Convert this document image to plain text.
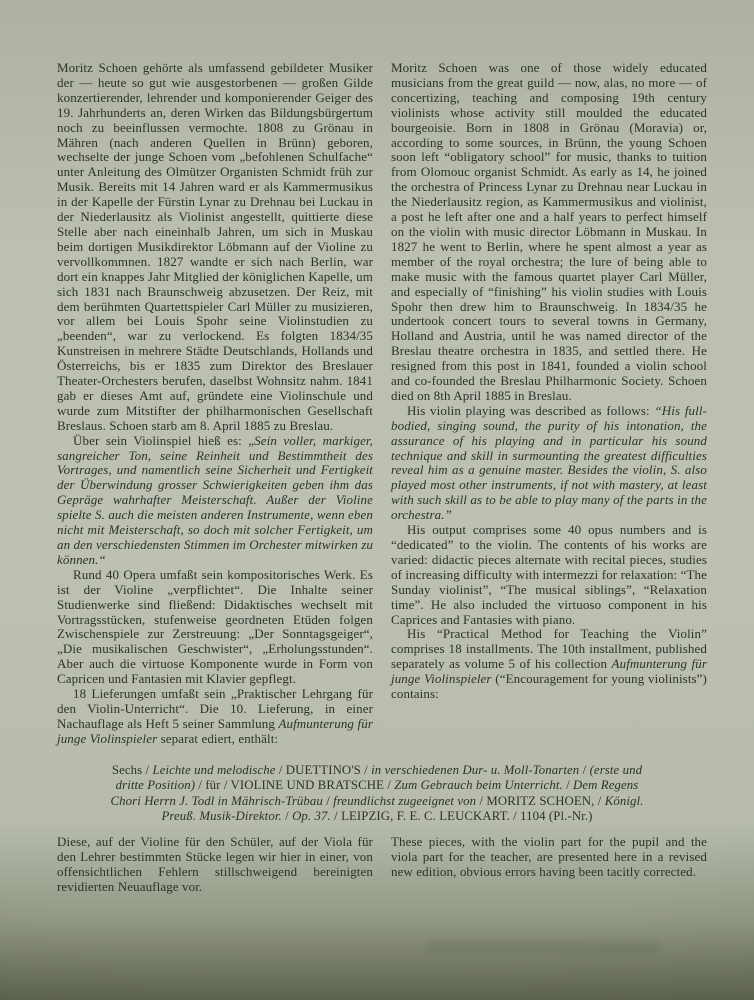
Moritz Schoen gehörte als umfassend gebildeter Musiker der — heute so gut wie ausgestorbenen — großen Gilde konzertierender, lehrender und komponierender Geiger des 19. Jahrhunderts an, deren Wirken das Bildungsbürgertum noch zu beeinflussen vermochte. 1808 zu Grönau in Mähren (nach anderen Quellen in Brünn) geboren, wechselte der junge Schoen vom „befohlenen Schulfache“ unter Anleitung des Olmützer Organisten Schmidt früh zur Musik. Bereits mit 14 Jahren ward er als Kammermusikus in der Kapelle der Fürstin Lynar zu Drehnau bei Luckau in der Niederlausitz als Violinist angestellt, quittierte diese Stelle aber nach eineinhalb Jahren, um sich in Muskau beim dortigen Musikdirektor Löbmann auf der Violine zu vervollkommnen. 1827 wandte er sich nach Berlin, war dort ein knappes Jahr Mitglied der königlichen Kapelle, um sich 1831 nach Braunschweig abzusetzen. Der Reiz, mit dem berühmten Quartettspieler Carl Müller zu musizieren, vor allem bei Louis Spohr seine Violinstudien zu „beenden“, war zu verlockend. Es folgten 1834/35 Kunstreisen in mehrere Städte Deutschlands, Hollands und Österreichs, bis er 1835 zum Direktor des Breslauer Theater-Orchesters berufen, daselbst Wohnsitz nahm. 1841 gab er dieses Amt auf, gründete eine Violinschule und wurde zum Mitstifter der philharmonischen Gesellschaft Breslaus. Schoen starb am 8. April 1885 zu Breslau.

Über sein Violinspiel hieß es: „Sein voller, markiger, sangreicher Ton, seine Reinheit und Bestimmtheit des Vortrages, und namentlich seine Sicherheit und Fertigkeit der Überwindung grosser Schwierigkeiten geben ihm das Gepräge wahrhafter Meisterschaft. Außer der Violine spielte S. auch die meisten anderen Instrumente, wenn eben nicht mit Meisterschaft, so doch mit solcher Fertigkeit, um an den verschiedensten Stimmen im Orchester mitwirken zu können.“

Rund 40 Opera umfaßt sein kompositorisches Werk. Es ist der Violine „verpflichtet“. Die Inhalte seiner Studienwerke sind fließend: Didaktisches wechselt mit Vortragsstücken, stufenweise geordneten Etüden folgen Zwischenspiele zur Zerstreuung: „Der Sonntagsgeiger“, „Die musikalischen Geschwister“, „Erholungsstunden“. Aber auch die virtuose Komponente wurde in Form von Capricen und Fantasien mit Klavier gepflegt.

18 Lieferungen umfaßt sein „Praktischer Lehrgang für den Violin-Unterricht“. Die 10. Lieferung, in einer Nachauflage als Heft 5 seiner Sammlung Aufmunterung für junge Violinspieler separat ediert, enthält:

Moritz Schoen was one of those widely educated musicians from the great guild — now, alas, no more — of concertizing, teaching and composing 19th century violinists whose activity still moulded the educated bourgeoisie. Born in 1808 in Grönau (Moravia) or, according to some sources, in Brünn, the young Schoen soon left “obligatory school” for music, thanks to tuition from Olomouc organist Schmidt. As early as 14, he joined the orchestra of Princess Lynar zu Drehnau near Luckau in the Niederlausitz region, as Kammermusikus and violinist, a post he left after one and a half years to perfect himself on the violin with music director Löbmann in Muskau. In 1827 he went to Berlin, where he spent almost a year as member of the royal orchestra; the lure of being able to make music with the famous quartet player Carl Müller, and especially of “finishing” his violin studies with Louis Spohr then drew him to Braunschweig. In 1834/35 he undertook concert tours to several towns in Germany, Holland and Austria, until he was named director of the Breslau theatre orchestra in 1835, and settled there. He resigned from this post in 1841, founded a violin school and co-founded the Breslau Philharmonic Society. Schoen died on 8th April 1885 in Breslau.

His violin playing was described as follows: “His full-bodied, singing sound, the purity of his intonation, the assurance of his playing and in particular his sound technique and skill in surmounting the greatest difficulties reveal him as a genuine master. Besides the violin, S. also played most other instruments, if not with mastery, at least with such skill as to be able to play many of the parts in the orchestra.”

His output comprises some 40 opus numbers and is “dedicated” to the violin. The contents of his works are varied: didactic pieces alternate with recital pieces, studies of increasing difficulty with intermezzi for relaxation: “The Sunday violinist”, “The musical siblings”, “Relaxation time”. He also included the virtuoso component in his Caprices and Fantasies with piano.

His “Practical Method for Teaching the Violin” comprises 18 installments. The 10th installment, published separately as volume 5 of his collection Aufmunterung für junge Violinspieler (“Encouragement for young violinists”) contains:

Sechs / Leichte und melodische / DUETTINO'S / in verschiedenen Dur- u. Moll-Tonarten / (erste und dritte Position) / für / VIOLINE UND BRATSCHE / Zum Gebrauch beim Unterricht. / Dem Regens Chori Herrn J. Todl in Mährisch-Trübau / freundlichst zugeeignet von / MORITZ SCHOEN, / Königl. Preuß. Musik-Direktor. / Op. 37. / LEIPZIG, F. E. C. LEUCKART. / 1104 (Pl.-Nr.)

Diese, auf der Violine für den Schüler, auf der Viola für den Lehrer bestimmten Stücke legen wir hier in einer, von offensichtlichen Fehlern stillschweigend bereinigten revidierten Neuauflage vor.

These pieces, with the violin part for the pupil and the viola part for the teacher, are presented here in a revised new edition, obvious errors having been tacitly corrected.
